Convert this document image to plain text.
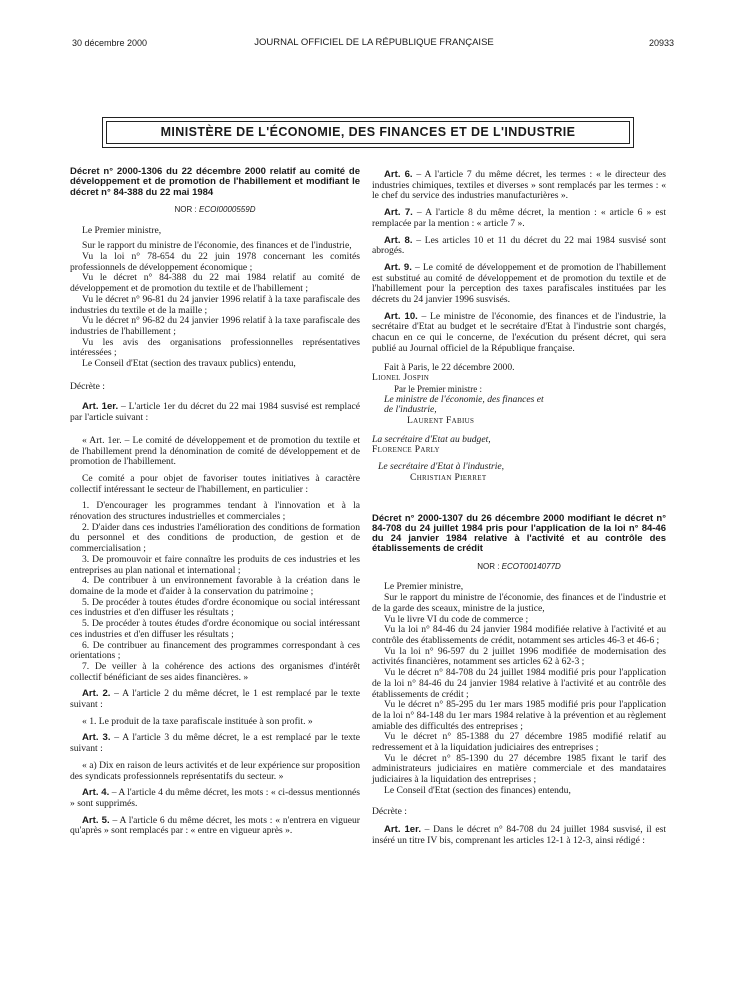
30 décembre 2000	JOURNAL OFFICIEL DE LA RÉPUBLIQUE FRANÇAISE	20933
MINISTÈRE DE L'ÉCONOMIE, DES FINANCES ET DE L'INDUSTRIE

Décret n° 2000-1306 du 22 décembre 2000 relatif au comité de développement et de promotion de l'habillement et modifiant le décret n° 84-388 du 22 mai 1984

NOR : ECOI0000559D

Le Premier ministre,

Sur le rapport du ministre de l'économie, des finances et de l'industrie,

Vu la loi n° 78-654 du 22 juin 1978 concernant les comités professionnels de développement économique ;

Vu le décret n° 84-388 du 22 mai 1984 relatif au comité de développement et de promotion du textile et de l'habillement ;

Vu le décret n° 96-81 du 24 janvier 1996 relatif à la taxe parafiscale des industries du textile et de la maille ;

Vu le décret n° 96-82 du 24 janvier 1996 relatif à la taxe parafiscale des industries de l'habillement ;

Vu les avis des organisations professionnelles représentatives intéressées ;

Le Conseil d'Etat (section des travaux publics) entendu,

Décrète :

Art. 1er. – L'article 1er du décret du 22 mai 1984 susvisé est remplacé par l'article suivant :

« Art. 1er. – Le comité de développement et de promotion du textile et de l'habillement prend la dénomination de comité de développement et de promotion de l'habillement.

Ce comité a pour objet de favoriser toutes initiatives à caractère collectif intéressant le secteur de l'habillement, en particulier :

1. D'encourager les programmes tendant à l'innovation et à la rénovation des structures industrielles et commerciales ;

2. D'aider dans ces industries l'amélioration des conditions de formation du personnel et des conditions de production, de gestion et de commercialisation ;

3. De promouvoir et faire connaître les produits de ces industries et les entreprises au plan national et international ;

4. De contribuer à un environnement favorable à la création dans le domaine de la mode et d'aider à la conservation du patrimoine ;

5. De procéder à toutes études d'ordre économique ou social intéressant ces industries et d'en diffuser les résultats ;

5. De procéder à toutes études d'ordre économique ou social intéressant ces industries et d'en diffuser les résultats ;

6. De contribuer au financement des programmes correspondant à ces orientations ;

7. De veiller à la cohérence des actions des organismes d'intérêt collectif bénéficiant de ses aides financières. »

Art. 2. – A l'article 2 du même décret, le 1 est remplacé par le texte suivant :

« 1. Le produit de la taxe parafiscale instituée à son profit. »

Art. 3. – A l'article 3 du même décret, le a est remplacé par le texte suivant :

« a) Dix en raison de leurs activités et de leur expérience sur proposition des syndicats professionnels représentatifs du secteur. »

Art. 4. – A l'article 4 du même décret, les mots : « ci-dessus mentionnés » sont supprimés.

Art. 5. – A l'article 6 du même décret, les mots : « n'entrera en vigueur qu'après » sont remplacés par : « entre en vigueur après ».

Art. 6. – A l'article 7 du même décret, les termes : « le directeur des industries chimiques, textiles et diverses » sont remplacés par les termes : « le chef du service des industries manufacturières ».

Art. 7. – A l'article 8 du même décret, la mention : « article 6 » est remplacée par la mention : « article 7 ».

Art. 8. – Les articles 10 et 11 du décret du 22 mai 1984 susvisé sont abrogés.

Art. 9. – Le comité de développement et de promotion de l'habillement est substitué au comité de développement et de promotion du textile et de l'habillement pour la perception des taxes parafiscales instituées par les décrets du 24 janvier 1996 susvisés.

Art. 10. – Le ministre de l'économie, des finances et de l'industrie, la secrétaire d'Etat au budget et le secrétaire d'Etat à l'industrie sont chargés, chacun en ce qui le concerne, de l'exécution du présent décret, qui sera publié au Journal officiel de la République française.

Fait à Paris, le 22 décembre 2000.

Lionel Jospin

Par le Premier ministre :

Le ministre de l'économie, des finances et de l'industrie,

Laurent Fabius

La secrétaire d'Etat au budget,

Florence Parly

Le secrétaire d'Etat à l'industrie,

Christian Pierret

Décret n° 2000-1307 du 26 décembre 2000 modifiant le décret n° 84-708 du 24 juillet 1984 pris pour l'application de la loi n° 84-46 du 24 janvier 1984 relative à l'activité et au contrôle des établissements de crédit

NOR : ECOT0014077D

Le Premier ministre,

Sur le rapport du ministre de l'économie, des finances et de l'industrie et de la garde des sceaux, ministre de la justice,

Vu le livre VI du code de commerce ;

Vu la loi n° 84-46 du 24 janvier 1984 modifiée relative à l'activité et au contrôle des établissements de crédit, notamment ses articles 46-3 et 46-6 ;

Vu la loi n° 96-597 du 2 juillet 1996 modifiée de modernisation des activités financières, notamment ses articles 62 à 62-3 ;

Vu le décret n° 84-708 du 24 juillet 1984 modifié pris pour l'application de la loi n° 84-46 du 24 janvier 1984 relative à l'activité et au contrôle des établissements de crédit ;

Vu le décret n° 85-295 du 1er mars 1985 modifié pris pour l'application de la loi n° 84-148 du 1er mars 1984 relative à la prévention et au règlement amiable des difficultés des entreprises ;

Vu le décret n° 85-1388 du 27 décembre 1985 modifié relatif au redressement et à la liquidation judiciaires des entreprises ;

Vu le décret n° 85-1390 du 27 décembre 1985 fixant le tarif des administrateurs judiciaires en matière commerciale et des mandataires judiciaires à la liquidation des entreprises ;

Le Conseil d'Etat (section des finances) entendu,

Décrète :

Art. 1er. – Dans le décret n° 84-708 du 24 juillet 1984 susvisé, il est inséré un titre IV bis, comprenant les articles 12-1 à 12-3, ainsi rédigé :
